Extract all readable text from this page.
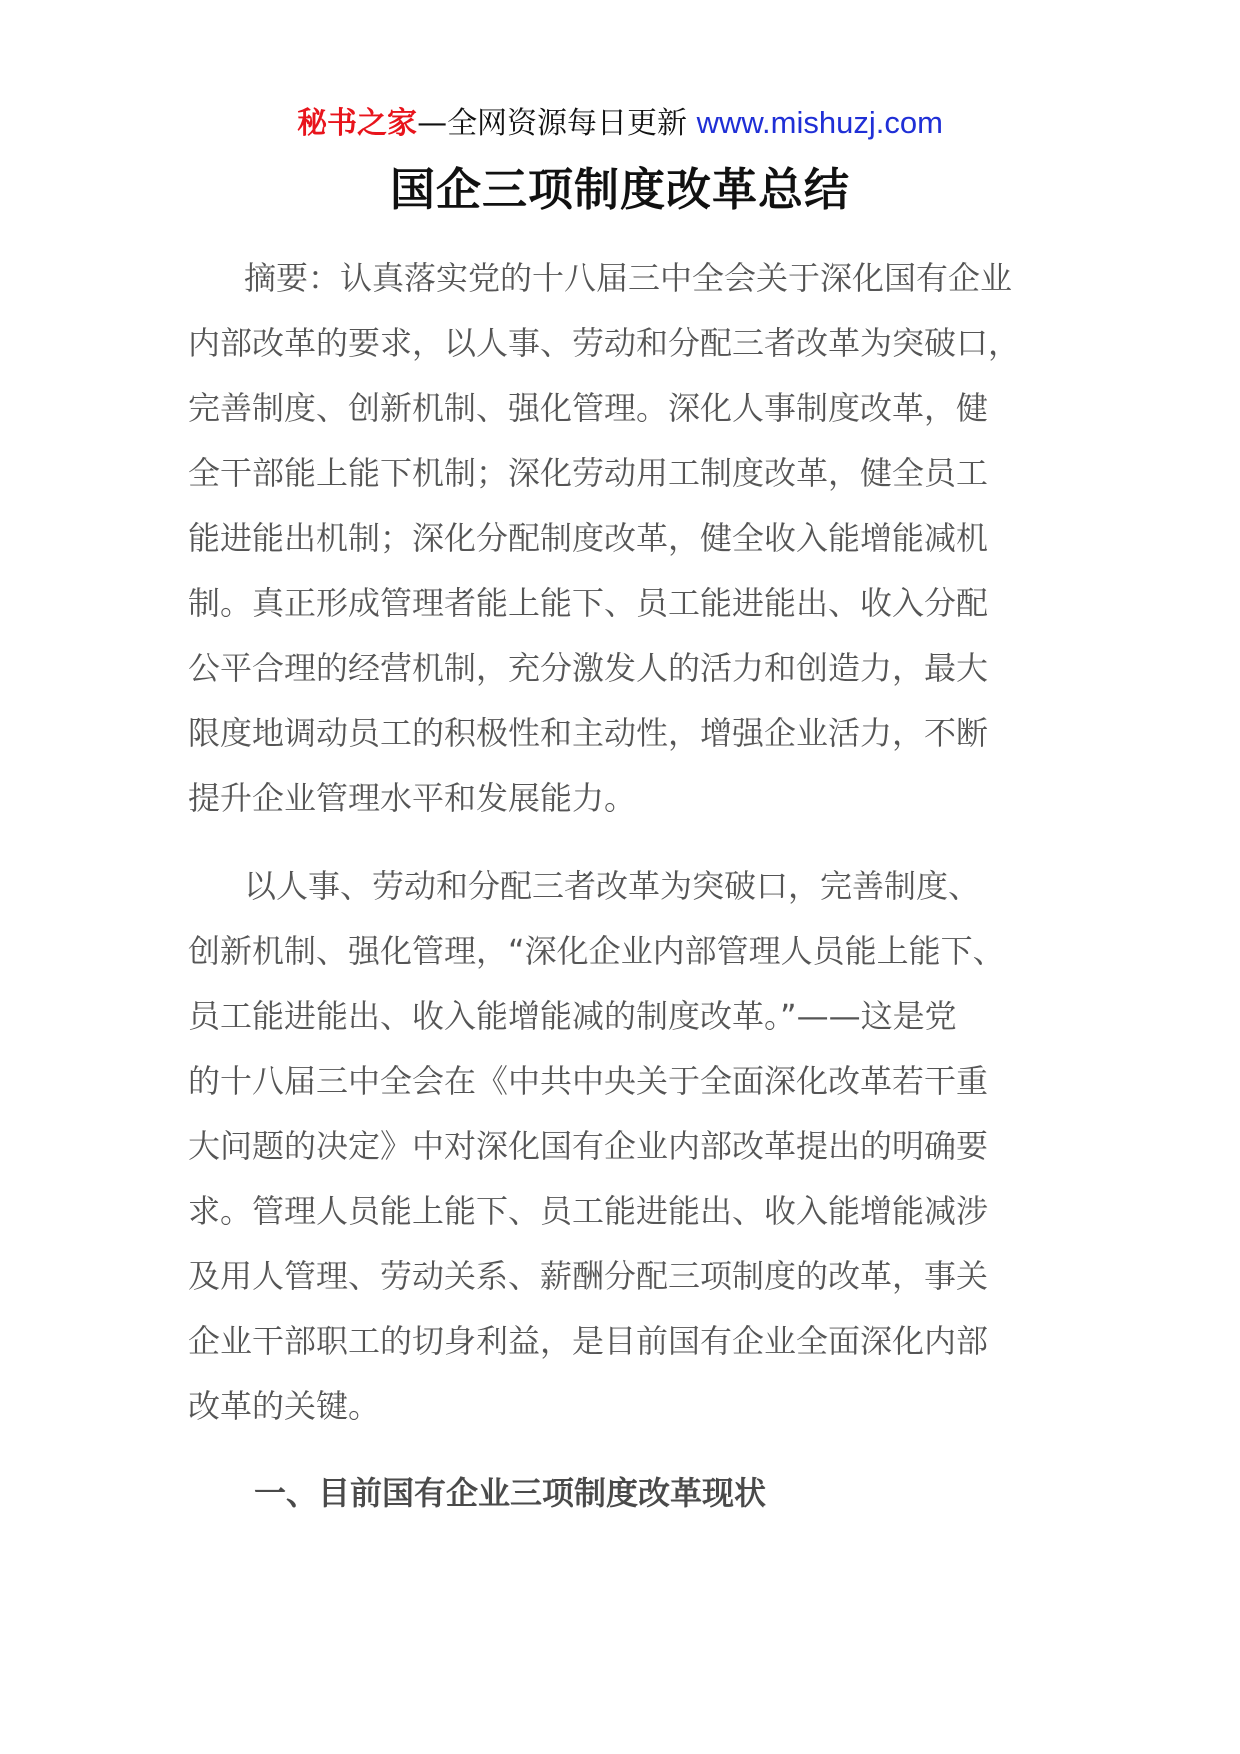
秘书之家—全网资源每日更新 www.mishuzj.com
国企三项制度改革总结

摘要：认真落实党的十八届三中全会关于深化国有企业
内部改革的要求，以人事、劳动和分配三者改革为突破口，
完善制度、创新机制、强化管理。深化人事制度改革，健
全干部能上能下机制；深化劳动用工制度改革，健全员工
能进能出机制；深化分配制度改革，健全收入能增能减机
制。真正形成管理者能上能下、员工能进能出、收入分配
公平合理的经营机制，充分激发人的活力和创造力，最大
限度地调动员工的积极性和主动性，增强企业活力，不断
提升企业管理水平和发展能力。

以人事、劳动和分配三者改革为突破口，完善制度、
创新机制、强化管理，“深化企业内部管理人员能上能下、
员工能进能出、收入能增能减的制度改革。”——这是党
的十八届三中全会在《中共中央关于全面深化改革若干重
大问题的决定》中对深化国有企业内部改革提出的明确要
求。管理人员能上能下、员工能进能出、收入能增能减涉
及用人管理、劳动关系、薪酬分配三项制度的改革，事关
企业干部职工的切身利益，是目前国有企业全面深化内部
改革的关键。

一、目前国有企业三项制度改革现状
